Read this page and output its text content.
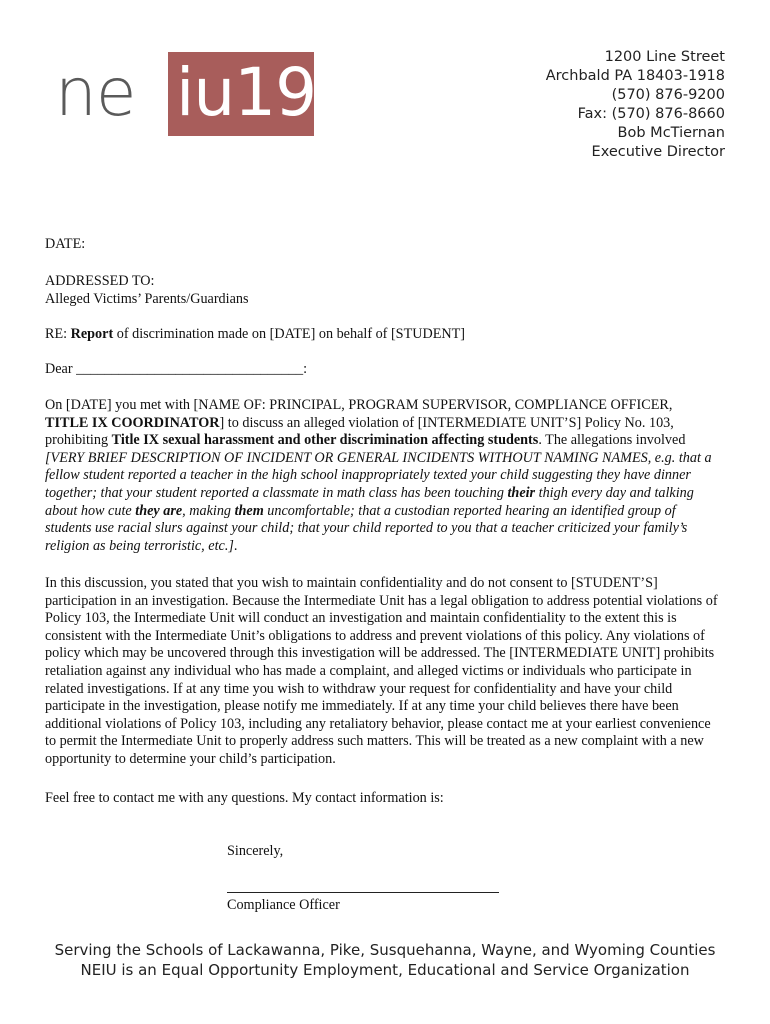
ne iu19	1200 Line Street
Archbald PA 18403-1918
(570) 876-9200
Fax: (570) 876-8660
Bob McTiernan
Executive Director
DATE:

ADDRESSED TO:

Alleged Victims’ Parents/Guardians

RE: Report of discrimination made on [DATE] on behalf of [STUDENT]
Dear ________________________________:

On [DATE] you met with [NAME OF: PRINCIPAL, PROGRAM SUPERVISOR, COMPLIANCE OFFICER,

TITLE IX COORDINATOR] to discuss an alleged violation of [INTERMEDIATE UNIT’S] Policy No. 103,

prohibiting Title IX sexual harassment and other discrimination affecting students. The allegations involved [VERY BRIEF DESCRIPTION OF INCIDENT OR GENERAL INCIDENTS WITHOUT NAMING NAMES, e.g. that a fellow student reported a teacher in the high school inappropriately texted your child suggesting they have dinner together; that your student reported a classmate in math class has been touching their thigh every day and talking about how cute they are, making them uncomfortable; that a custodian reported hearing an identified group of students use racial slurs against your child; that your child reported to you that a teacher criticized your family’s religion as being terroristic, etc.].

In this discussion, you stated that you wish to maintain confidentiality and do not consent to [STUDENT’S] participation in an investigation. Because the Intermediate Unit has a legal obligation to address potential violations of Policy 103, the Intermediate Unit will conduct an investigation and maintain confidentiality to the extent this is consistent with the Intermediate Unit’s obligations to address and prevent violations of this policy. Any violations of policy which may be uncovered through this investigation will be addressed. The [INTERMEDIATE UNIT] prohibits retaliation against any individual who has made a complaint, and alleged victims or individuals who participate in related investigations. If at any time you wish to withdraw your request for confidentiality and have your child participate in the investigation, please notify me immediately. If at any time your child believes there have been additional violations of Policy 103, including any retaliatory behavior, please contact me at your earliest convenience to permit the Intermediate Unit to properly address such matters. This will be treated as a new complaint with a new opportunity to determine your child’s participation.
Feel free to contact me with any questions. My contact information is:
Sincerely,
Compliance Officer
Serving the Schools of Lackawanna, Pike, Susquehanna, Wayne, and Wyoming Counties
NEIU is an Equal Opportunity Employment, Educational and Service Organization
